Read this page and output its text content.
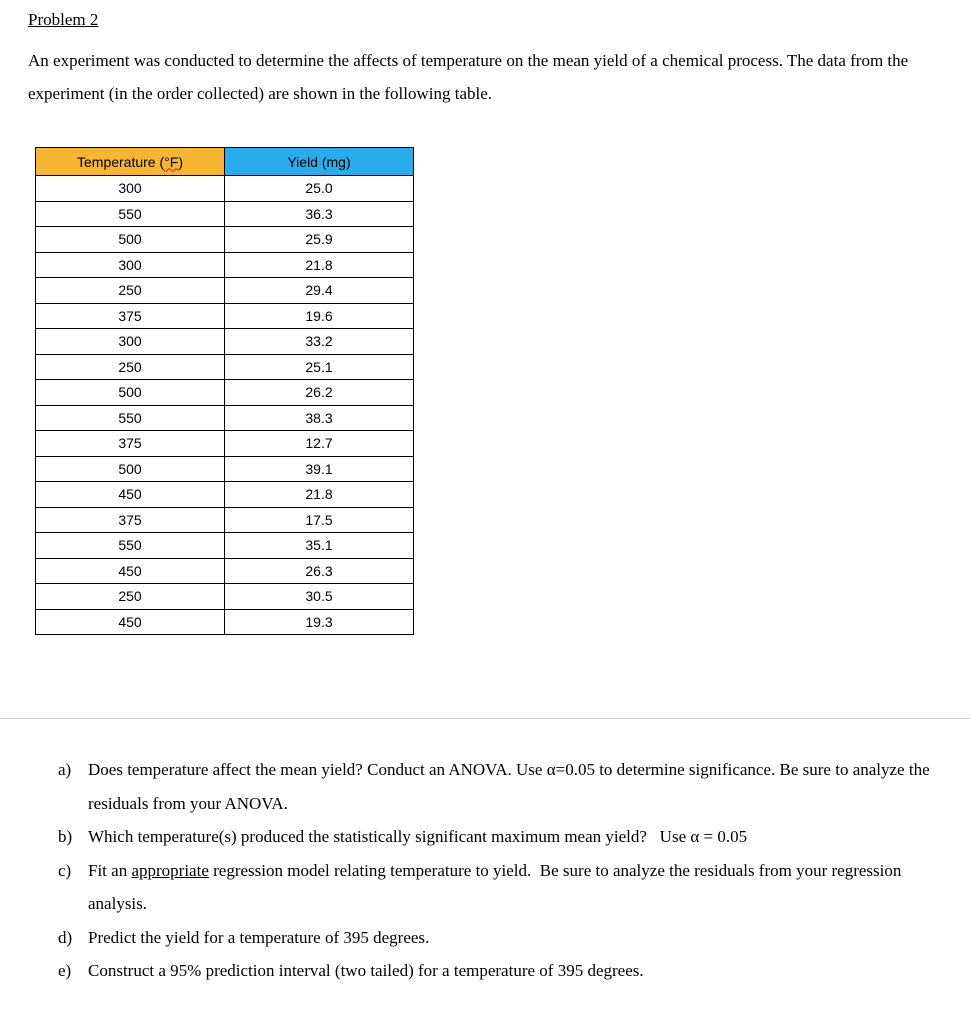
Problem 2
An experiment was conducted to determine the affects of temperature on the mean yield of a chemical process. The data from the experiment (in the order collected) are shown in the following table.
Temperature (°F)	Yield (mg)
300	25.0
550	36.3
500	25.9
300	21.8
250	29.4
375	19.6
300	33.2
250	25.1
500	26.2
550	38.3
375	12.7
500	39.1
450	21.8
375	17.5
550	35.1
450	26.3
250	30.5
450	19.3
a) Does temperature affect the mean yield? Conduct an ANOVA. Use α=0.05 to determine significance. Be sure to analyze the residuals from your ANOVA.
b) Which temperature(s) produced the statistically significant maximum mean yield?   Use α = 0.05
c) Fit an appropriate regression model relating temperature to yield.  Be sure to analyze the residuals from your regression analysis.
d) Predict the yield for a temperature of 395 degrees.
e) Construct a 95% prediction interval (two tailed) for a temperature of 395 degrees.
